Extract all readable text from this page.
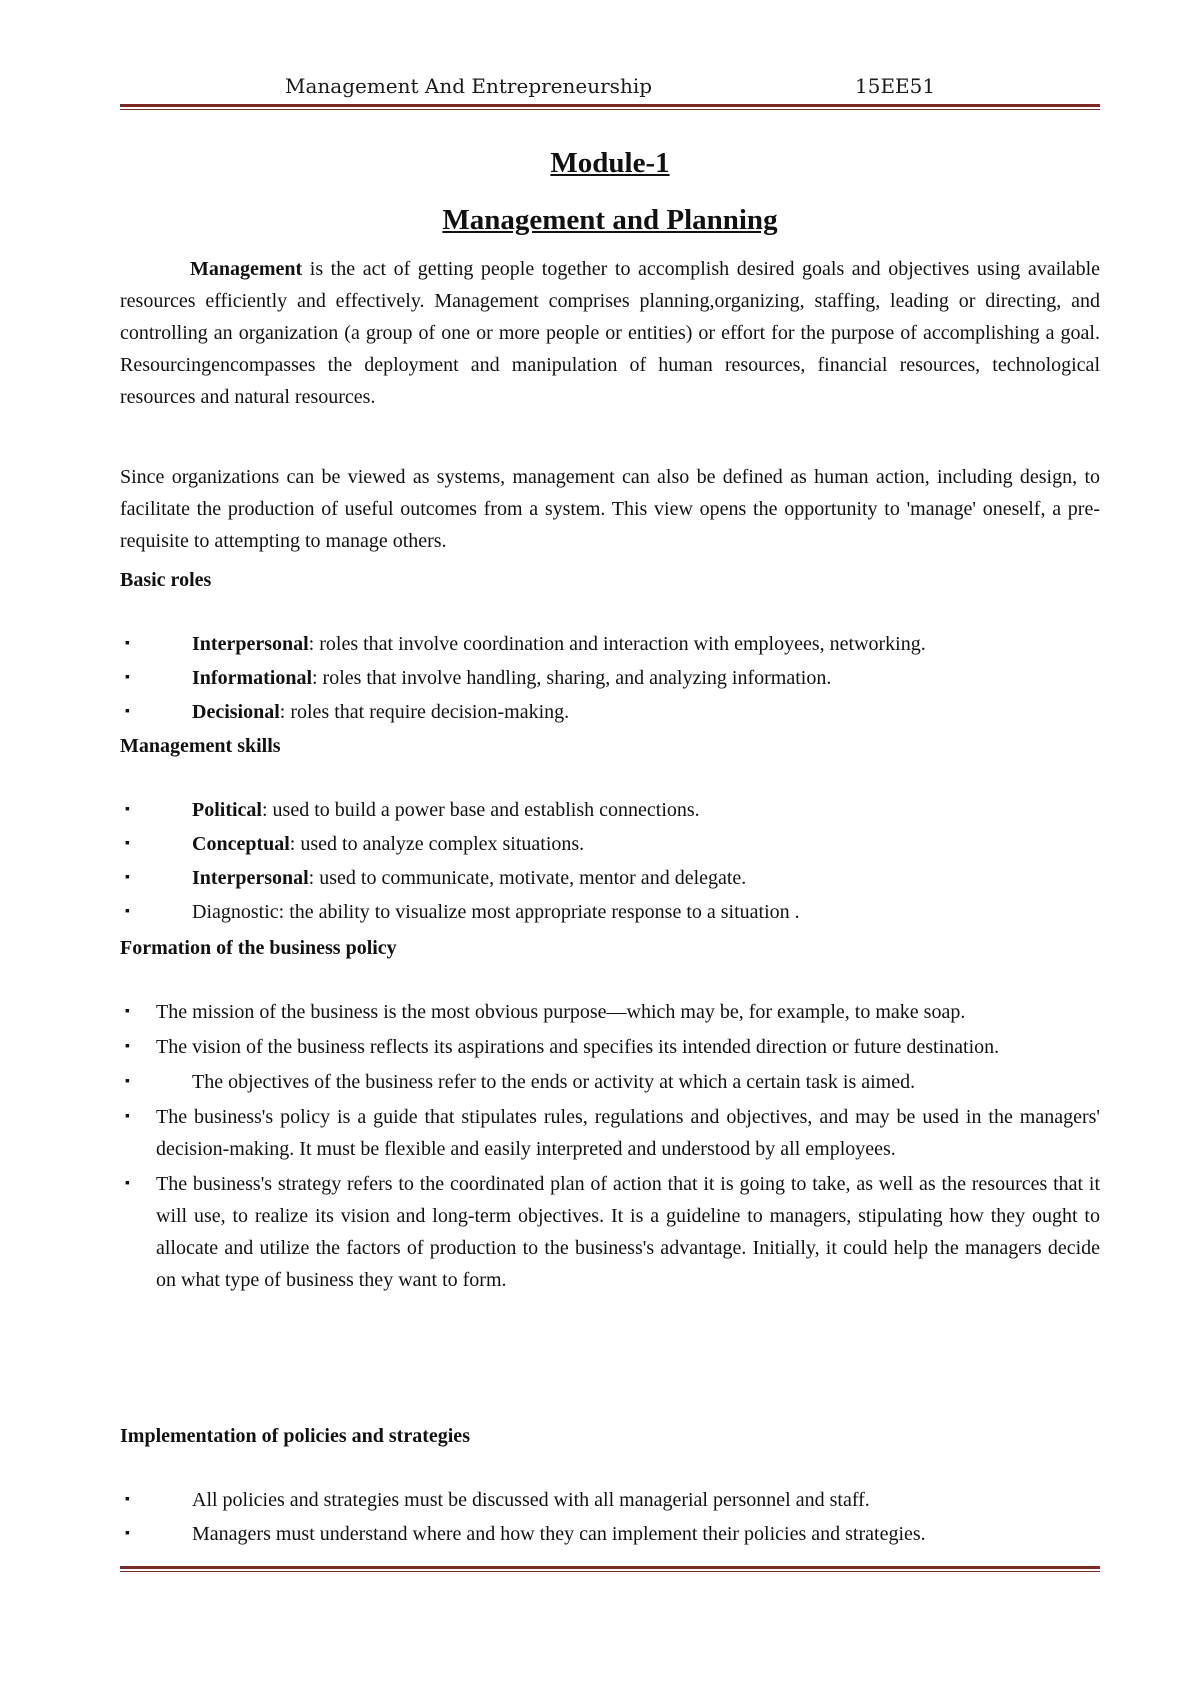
Management And Entrepreneurship	15EE51
Module-1
Management and Planning

Management is the act of getting people together to accomplish desired goals and objectives using available resources efficiently and effectively. Management comprises planning,organizing, staffing, leading or directing, and controlling an organization (a group of one or more people or entities) or effort for the purpose of accomplishing a goal. Resourcingencompasses the deployment and manipulation of human resources, financial resources, technological resources and natural resources.

Since organizations can be viewed as systems, management can also be defined as human action, including design, to facilitate the production of useful outcomes from a system. This view opens the opportunity to 'manage' oneself, a pre-requisite to attempting to manage others.

Basic roles

▪	Interpersonal: roles that involve coordination and interaction with employees, networking.
▪	Informational: roles that involve handling, sharing, and analyzing information.
▪	Decisional: roles that require decision-making.

Management skills

▪	Political: used to build a power base and establish connections.
▪	Conceptual: used to analyze complex situations.
▪	Interpersonal: used to communicate, motivate, mentor and delegate.
▪	Diagnostic: the ability to visualize most appropriate response to a situation .

Formation of the business policy

▪ The mission of the business is the most obvious purpose—which may be, for example, to make soap.
▪ The vision of the business reflects its aspirations and specifies its intended direction or future destination.
▪	The objectives of the business refer to the ends or activity at which a certain task is aimed.
▪ The business's policy is a guide that stipulates rules, regulations and objectives, and may be used in the managers' decision-making. It must be flexible and easily interpreted and understood by all employees.
▪ The business's strategy refers to the coordinated plan of action that it is going to take, as well as the resources that it will use, to realize its vision and long-term objectives. It is a guideline to managers, stipulating how they ought to allocate and utilize the factors of production to the business's advantage. Initially, it could help the managers decide on what type of business they want to form.

Implementation of policies and strategies

▪	All policies and strategies must be discussed with all managerial personnel and staff.
▪	Managers must understand where and how they can implement their policies and strategies.
